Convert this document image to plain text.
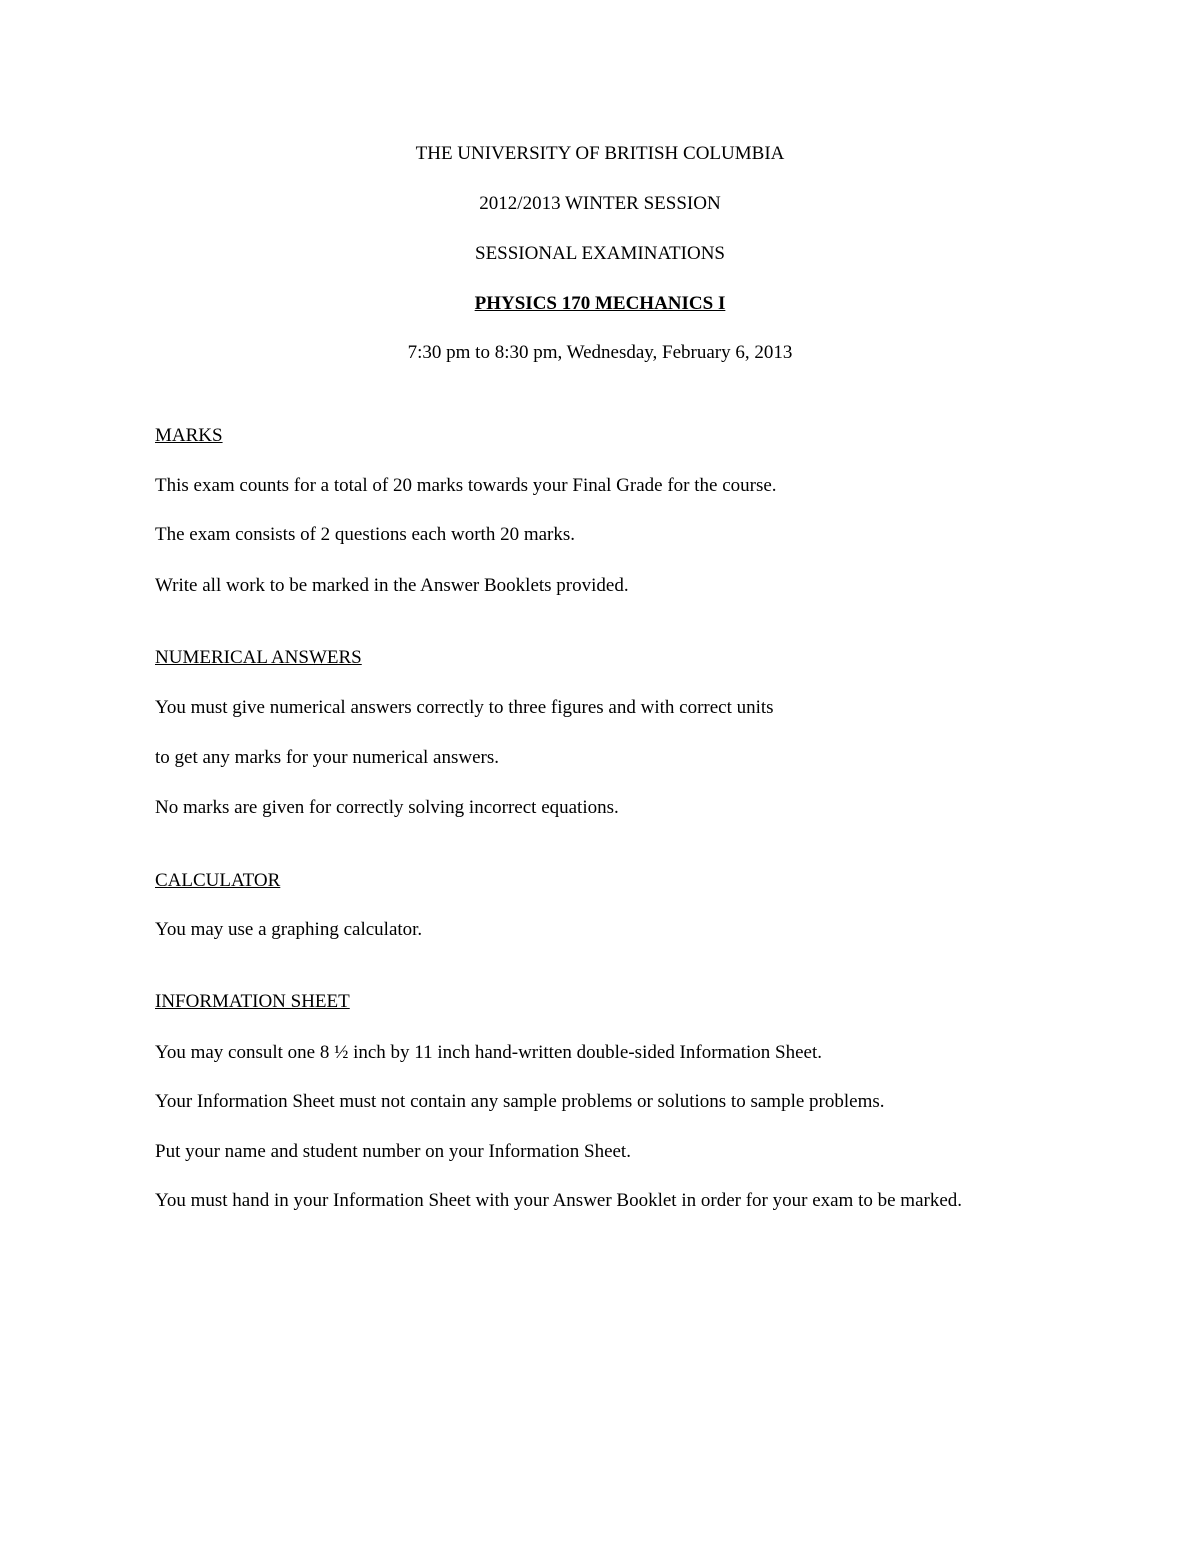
THE UNIVERSITY OF BRITISH COLUMBIA
2012/2013 WINTER SESSION
SESSIONAL EXAMINATIONS
PHYSICS 170 MECHANICS I
7:30 pm to 8:30 pm, Wednesday, February 6, 2013
MARKS
This exam counts for a total of 20 marks towards your Final Grade for the course.
The exam consists of 2 questions each worth 20 marks.
Write all work to be marked in the Answer Booklets provided.
NUMERICAL ANSWERS
You must give numerical answers correctly to three figures and with correct units
to get any marks for your numerical answers.
No marks are given for correctly solving incorrect equations.
CALCULATOR
You may use a graphing calculator.
INFORMATION SHEET
You may consult one 8 ½ inch by 11 inch hand-written double-sided Information Sheet.
Your Information Sheet must not contain any sample problems or solutions to sample problems.
Put your name and student number on your Information Sheet.
You must hand in your Information Sheet with your Answer Booklet in order for your exam to be marked.
